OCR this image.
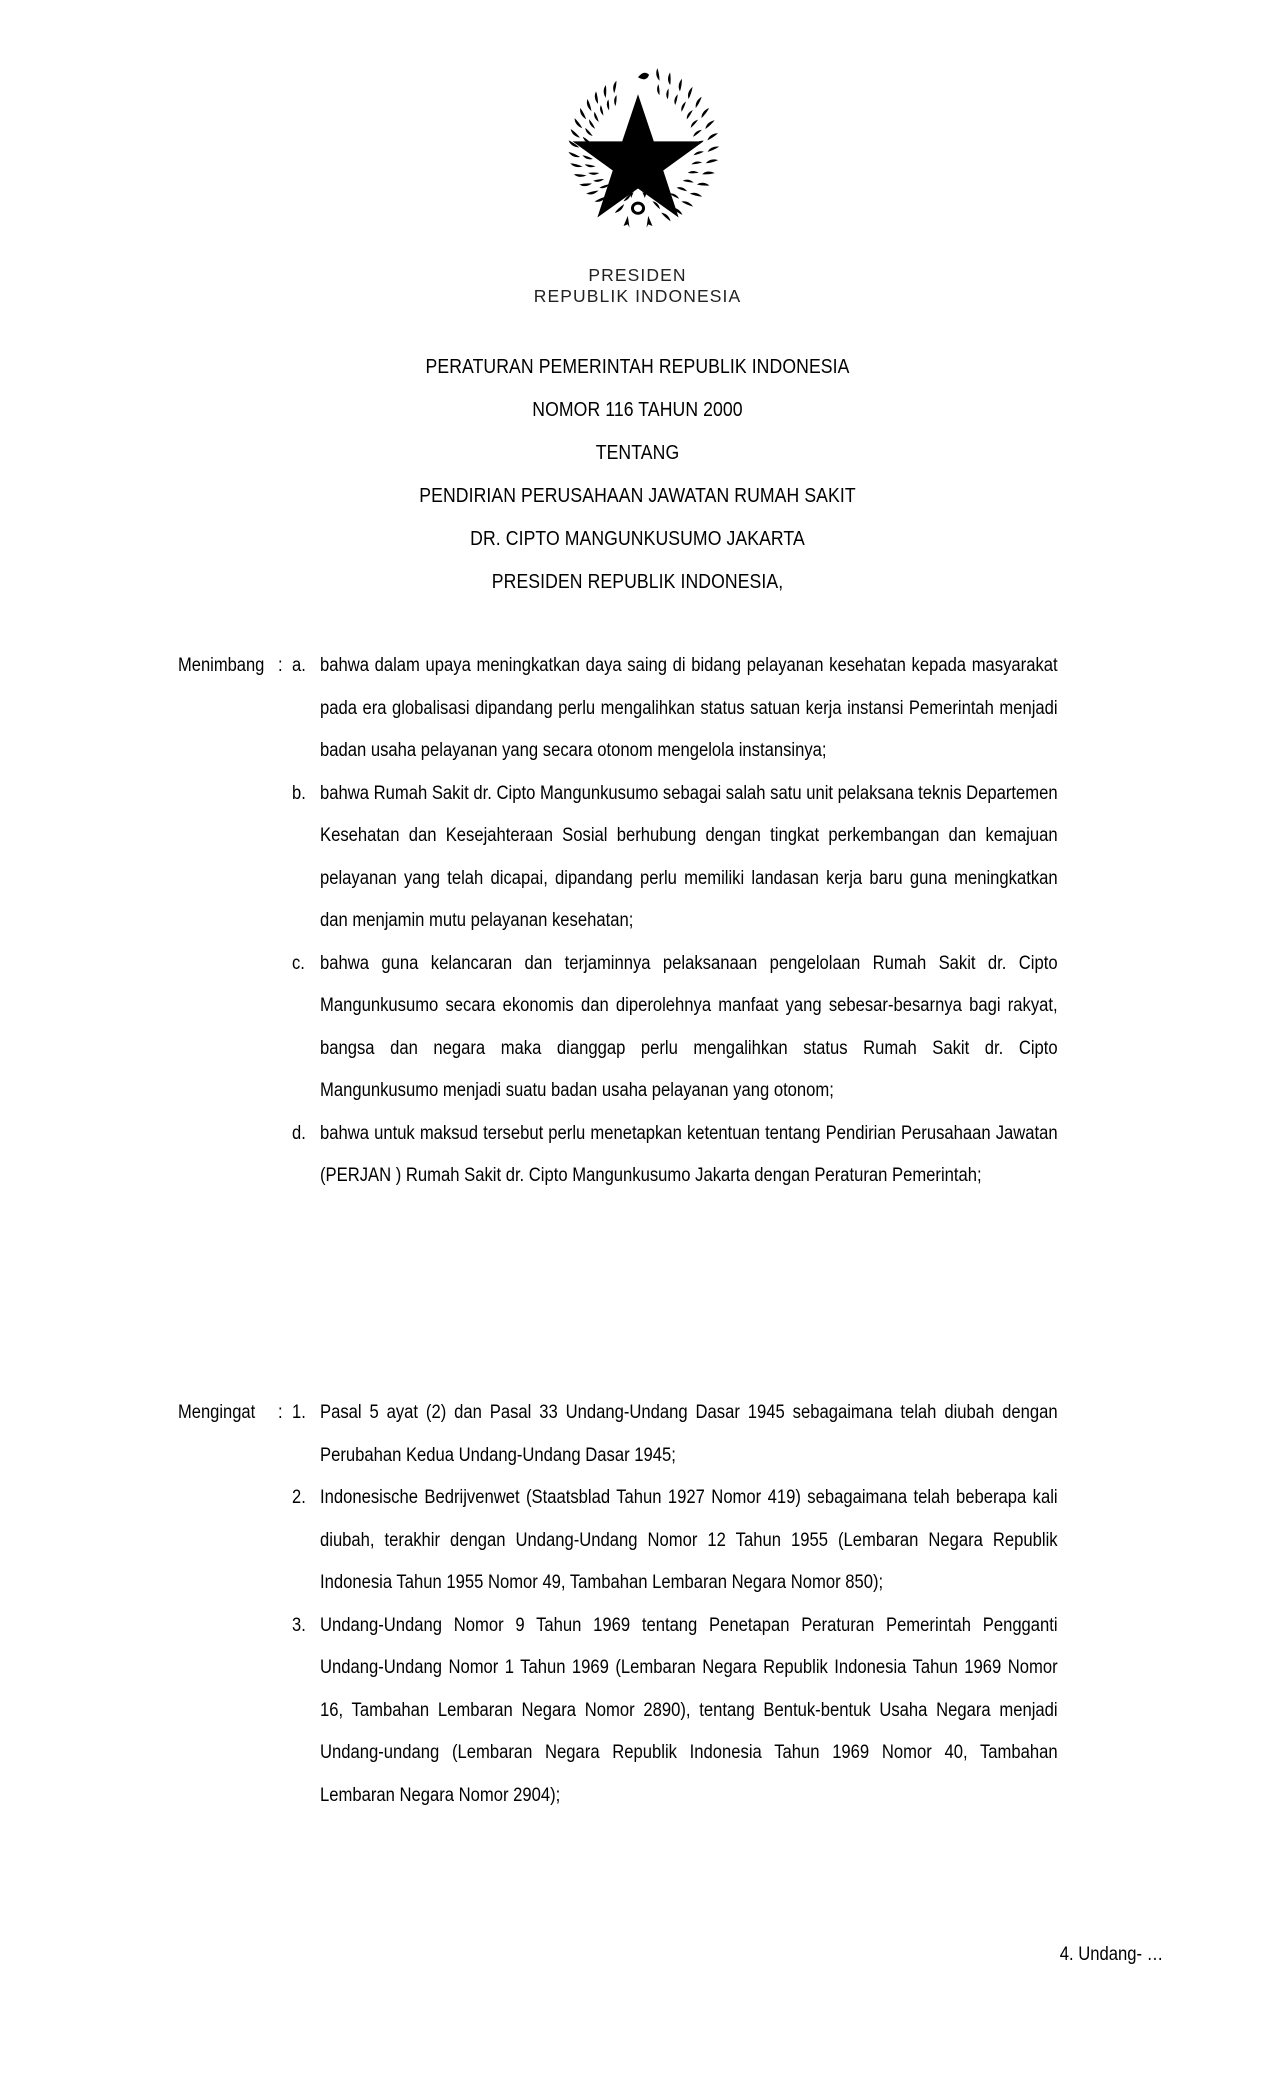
PRESIDEN
REPUBLIK INDONESIA
PERATURAN PEMERINTAH REPUBLIK INDONESIA
NOMOR 116 TAHUN 2000
TENTANG
PENDIRIAN PERUSAHAAN JAWATAN RUMAH SAKIT
DR. CIPTO MANGUNKUSUMO JAKARTA
PRESIDEN REPUBLIK INDONESIA,
Menimbang : a. bahwa dalam upaya meningkatkan daya saing di bidang pelayanan kesehatan kepada masyarakat pada era globalisasi dipandang perlu mengalihkan status satuan kerja instansi Pemerintah menjadi badan usaha pelayanan yang secara otonom mengelola instansinya;
b. bahwa Rumah Sakit dr. Cipto Mangunkusumo sebagai salah satu unit pelaksana teknis Departemen Kesehatan dan Kesejahteraan Sosial berhubung dengan tingkat perkembangan dan kemajuan pelayanan yang telah dicapai, dipandang perlu memiliki landasan kerja baru guna meningkatkan dan menjamin mutu pelayanan kesehatan;
c. bahwa guna kelancaran dan terjaminnya pelaksanaan pengelolaan Rumah Sakit dr. Cipto Mangunkusumo secara ekonomis dan diperolehnya manfaat yang sebesar-besarnya bagi rakyat, bangsa dan negara maka dianggap perlu mengalihkan status Rumah Sakit dr. Cipto Mangunkusumo menjadi suatu badan usaha pelayanan yang otonom;
d. bahwa untuk maksud tersebut perlu menetapkan ketentuan tentang Pendirian Perusahaan Jawatan (PERJAN ) Rumah Sakit dr. Cipto Mangunkusumo Jakarta dengan Peraturan Pemerintah;
Mengingat	: 1. Pasal 5 ayat (2) dan Pasal 33 Undang-Undang Dasar 1945 sebagaimana telah diubah dengan Perubahan Kedua Undang-Undang Dasar 1945;
2. Indonesische Bedrijvenwet (Staatsblad Tahun 1927 Nomor 419) sebagaimana telah beberapa kali diubah, terakhir dengan Undang-Undang Nomor 12 Tahun 1955 (Lembaran Negara Republik Indonesia Tahun 1955 Nomor 49, Tambahan Lembaran Negara Nomor 850);
3. Undang-Undang Nomor 9 Tahun 1969 tentang Penetapan Peraturan Pemerintah Pengganti Undang-Undang Nomor 1 Tahun 1969 (Lembaran Negara Republik Indonesia Tahun 1969 Nomor 16, Tambahan Lembaran Negara Nomor 2890), tentang Bentuk-bentuk Usaha Negara menjadi Undang-undang (Lembaran Negara Republik Indonesia Tahun 1969 Nomor 40, Tambahan Lembaran Negara Nomor 2904);
4. Undang- …
